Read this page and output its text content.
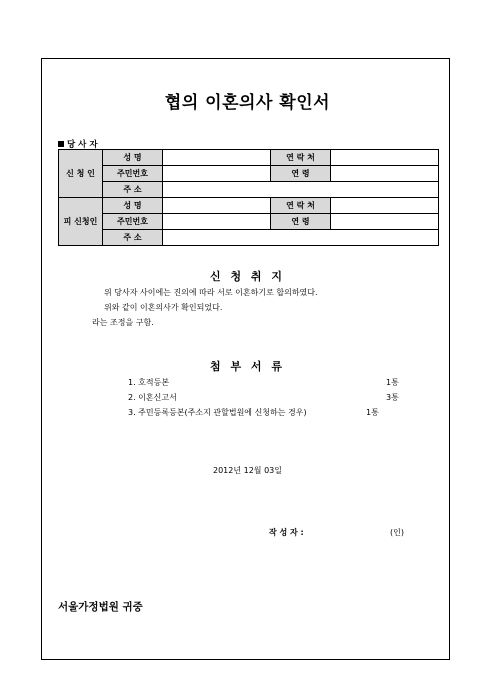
협의 이혼의사 확인서
당 사 자
신 청 인	성 명		연 락 처	
	주민번호		연 령	
	주 소			
피 신청인	성 명		연 락 처	
	주민번호		연 령	
	주 소			
신 청 취 지
위 당사자 사이에는 진의에 따라 서로 이혼하기로 합의하였다.
위와 같이 이혼의사가 확인되었다.
라는 조정을 구함.
첨 부 서 류
1. 호적등본	1통
2. 이혼신고서	3통
3. 주민등록등본(주소지 관할법원에 신청하는 경우)	1통
2012년 12월 03일
작 성 자 :	(인)
서울가정법원 귀중
